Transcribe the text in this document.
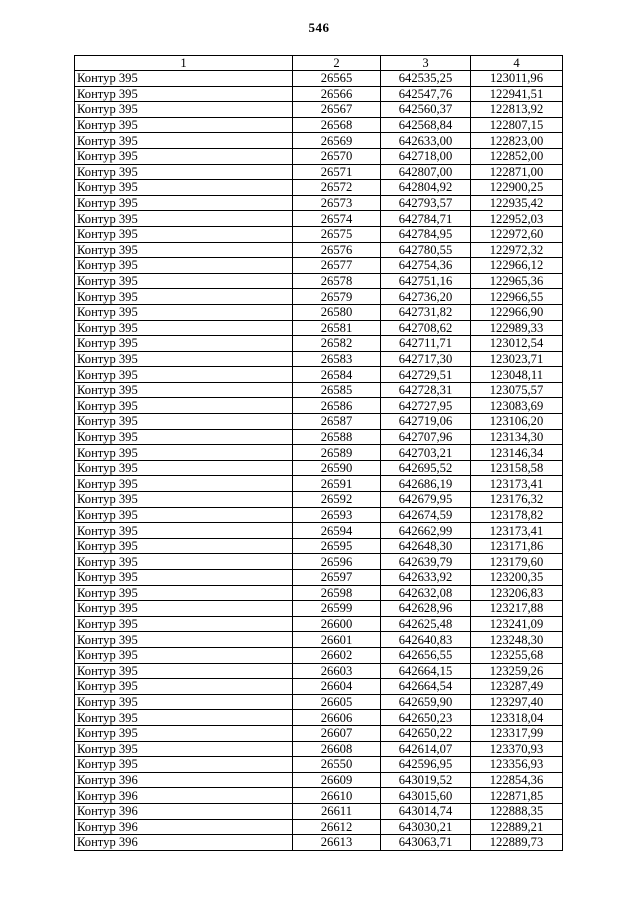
546
1	2	3	4
Контур 395	26565	642535,25	123011,96
Контур 395	26566	642547,76	122941,51
Контур 395	26567	642560,37	122813,92
Контур 395	26568	642568,84	122807,15
Контур 395	26569	642633,00	122823,00
Контур 395	26570	642718,00	122852,00
Контур 395	26571	642807,00	122871,00
Контур 395	26572	642804,92	122900,25
Контур 395	26573	642793,57	122935,42
Контур 395	26574	642784,71	122952,03
Контур 395	26575	642784,95	122972,60
Контур 395	26576	642780,55	122972,32
Контур 395	26577	642754,36	122966,12
Контур 395	26578	642751,16	122965,36
Контур 395	26579	642736,20	122966,55
Контур 395	26580	642731,82	122966,90
Контур 395	26581	642708,62	122989,33
Контур 395	26582	642711,71	123012,54
Контур 395	26583	642717,30	123023,71
Контур 395	26584	642729,51	123048,11
Контур 395	26585	642728,31	123075,57
Контур 395	26586	642727,95	123083,69
Контур 395	26587	642719,06	123106,20
Контур 395	26588	642707,96	123134,30
Контур 395	26589	642703,21	123146,34
Контур 395	26590	642695,52	123158,58
Контур 395	26591	642686,19	123173,41
Контур 395	26592	642679,95	123176,32
Контур 395	26593	642674,59	123178,82
Контур 395	26594	642662,99	123173,41
Контур 395	26595	642648,30	123171,86
Контур 395	26596	642639,79	123179,60
Контур 395	26597	642633,92	123200,35
Контур 395	26598	642632,08	123206,83
Контур 395	26599	642628,96	123217,88
Контур 395	26600	642625,48	123241,09
Контур 395	26601	642640,83	123248,30
Контур 395	26602	642656,55	123255,68
Контур 395	26603	642664,15	123259,26
Контур 395	26604	642664,54	123287,49
Контур 395	26605	642659,90	123297,40
Контур 395	26606	642650,23	123318,04
Контур 395	26607	642650,22	123317,99
Контур 395	26608	642614,07	123370,93
Контур 395	26550	642596,95	123356,93
Контур 396	26609	643019,52	122854,36
Контур 396	26610	643015,60	122871,85
Контур 396	26611	643014,74	122888,35
Контур 396	26612	643030,21	122889,21
Контур 396	26613	643063,71	122889,73
